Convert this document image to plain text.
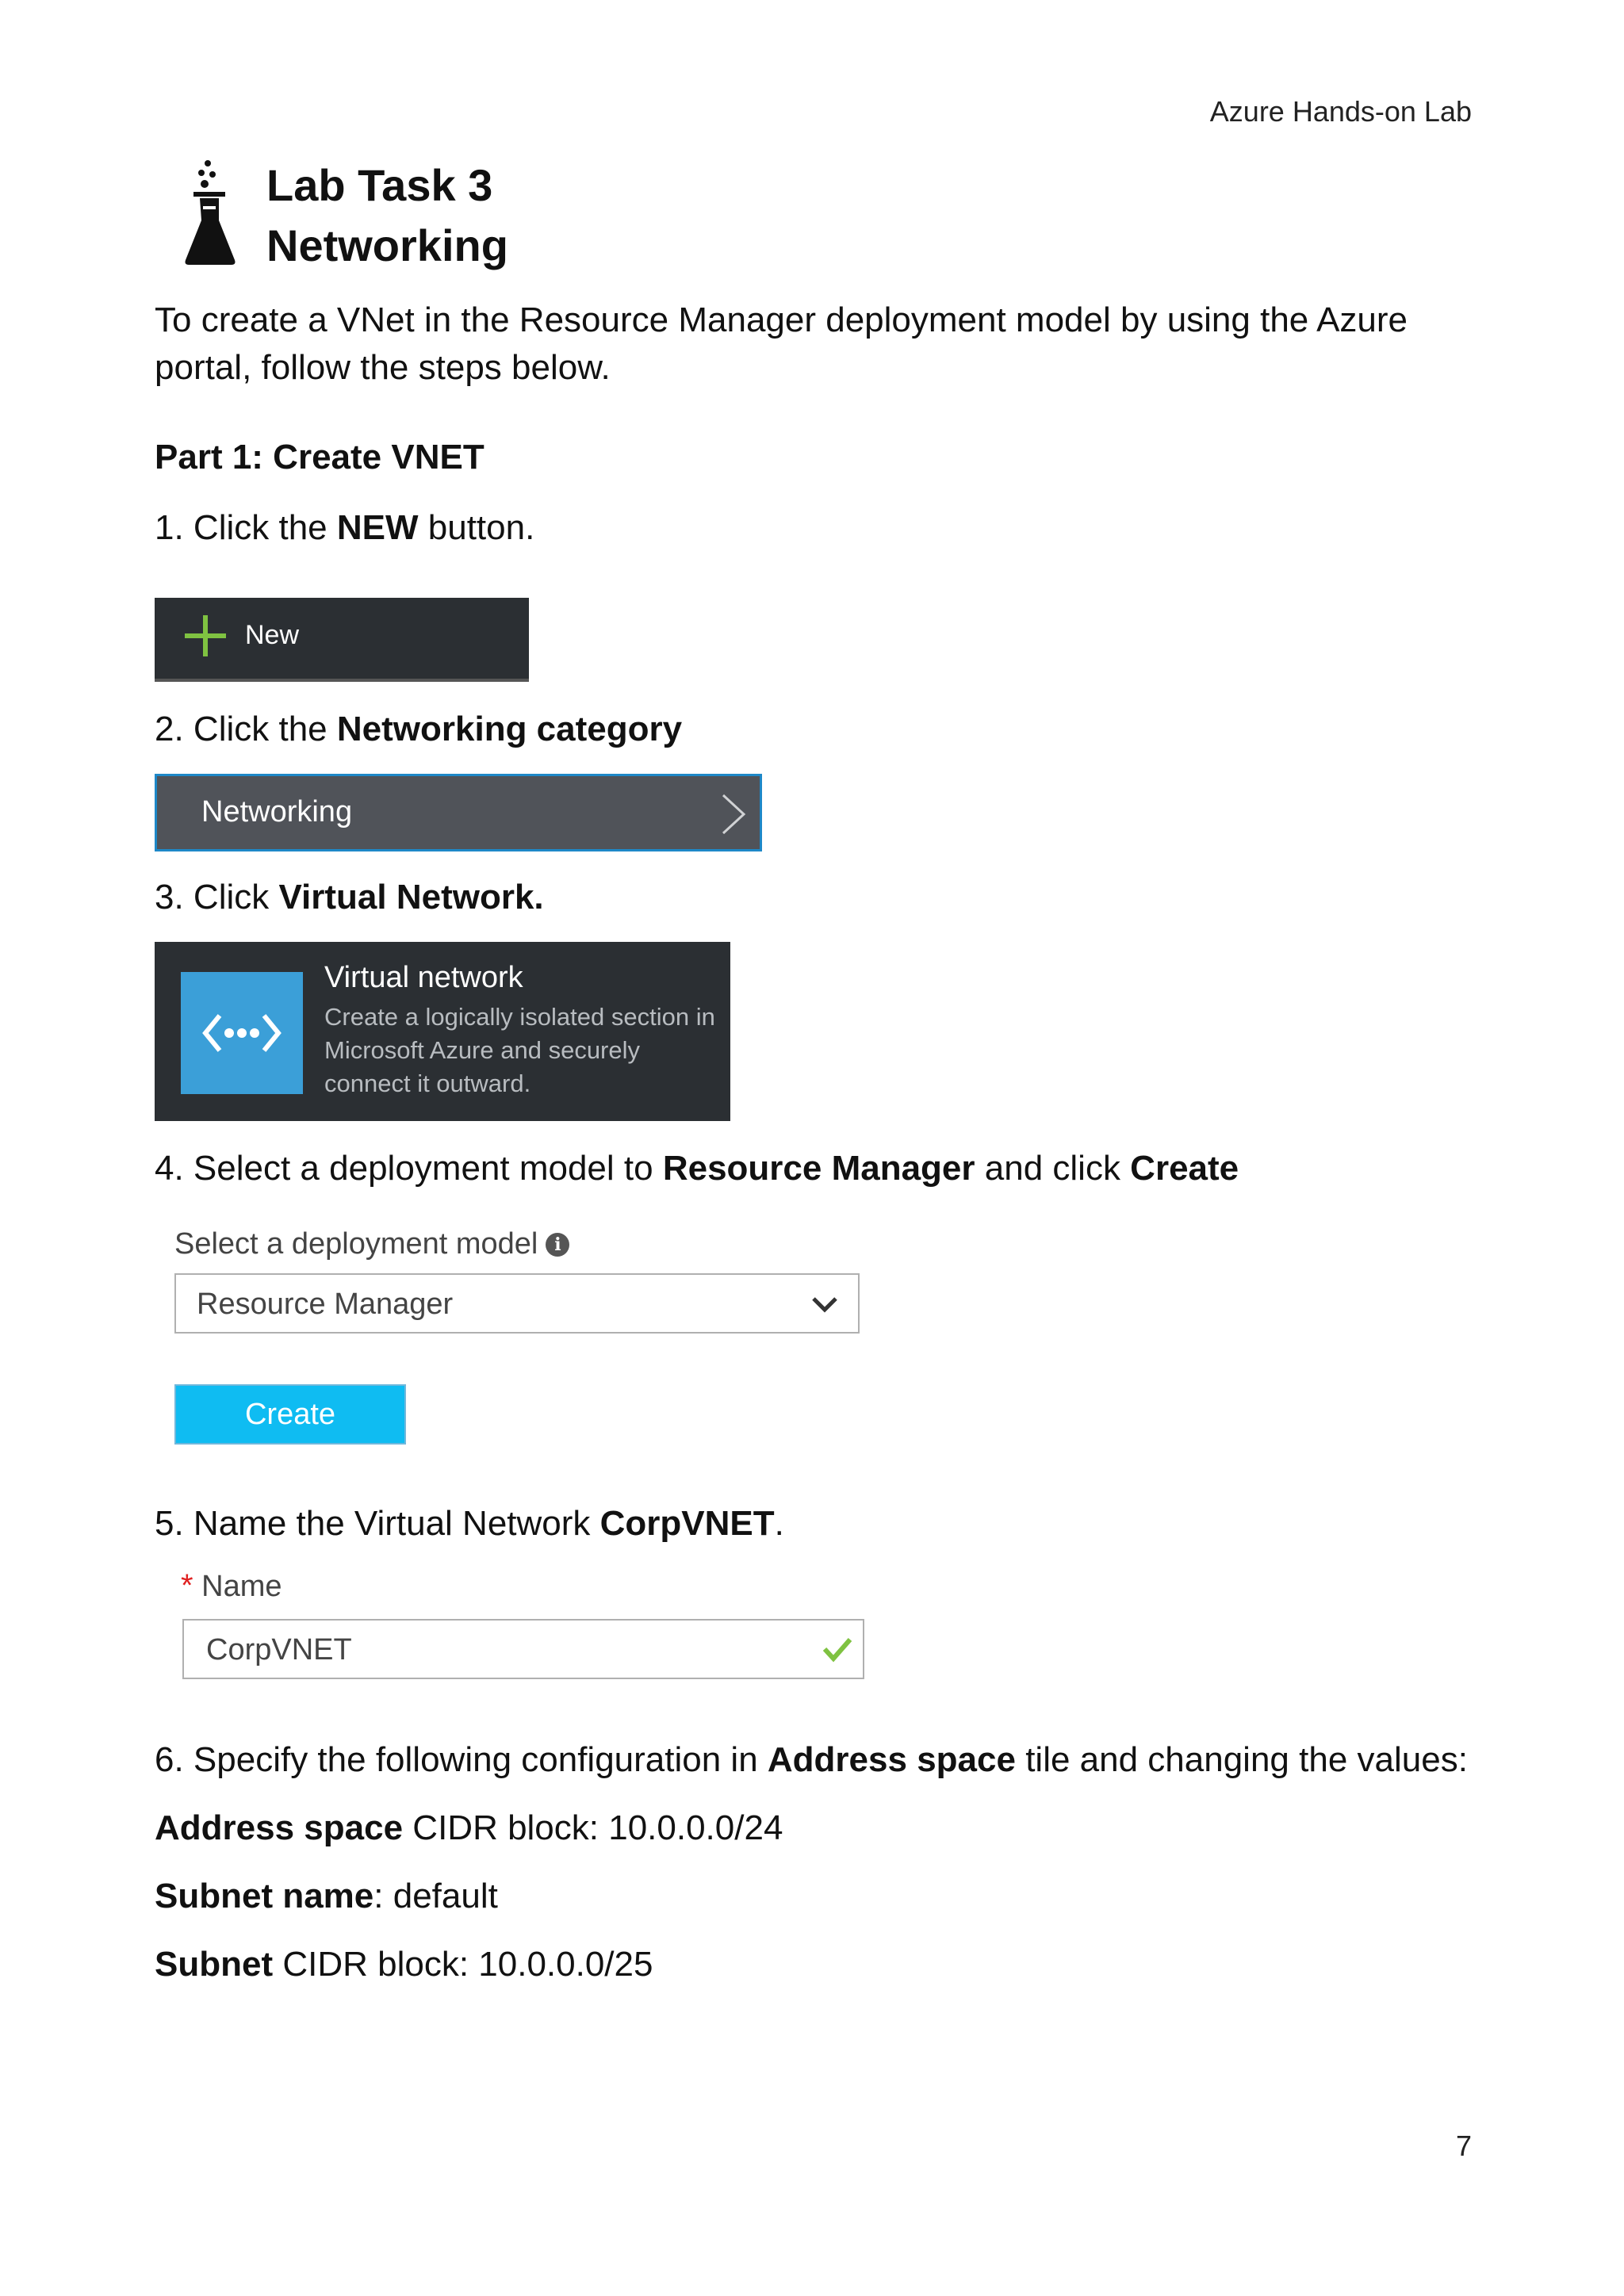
Azure Hands-on Lab
Lab Task 3
Networking
To create a VNet in the Resource Manager deployment model by using the Azure portal, follow the steps below.
Part 1: Create VNET
1. Click the NEW button.
New
2. Click the Networking category
Networking
3. Click Virtual Network.
Virtual network
Create a logically isolated section in Microsoft Azure and securely connect it outward.
4. Select a deployment model to Resource Manager and click Create
Select a deployment model i
Resource Manager
Create
5. Name the Virtual Network CorpVNET.
* Name
CorpVNET
6. Specify the following configuration in Address space tile and changing the values:
Address space CIDR block: 10.0.0.0/24
Subnet name: default
Subnet CIDR block: 10.0.0.0/25
7
